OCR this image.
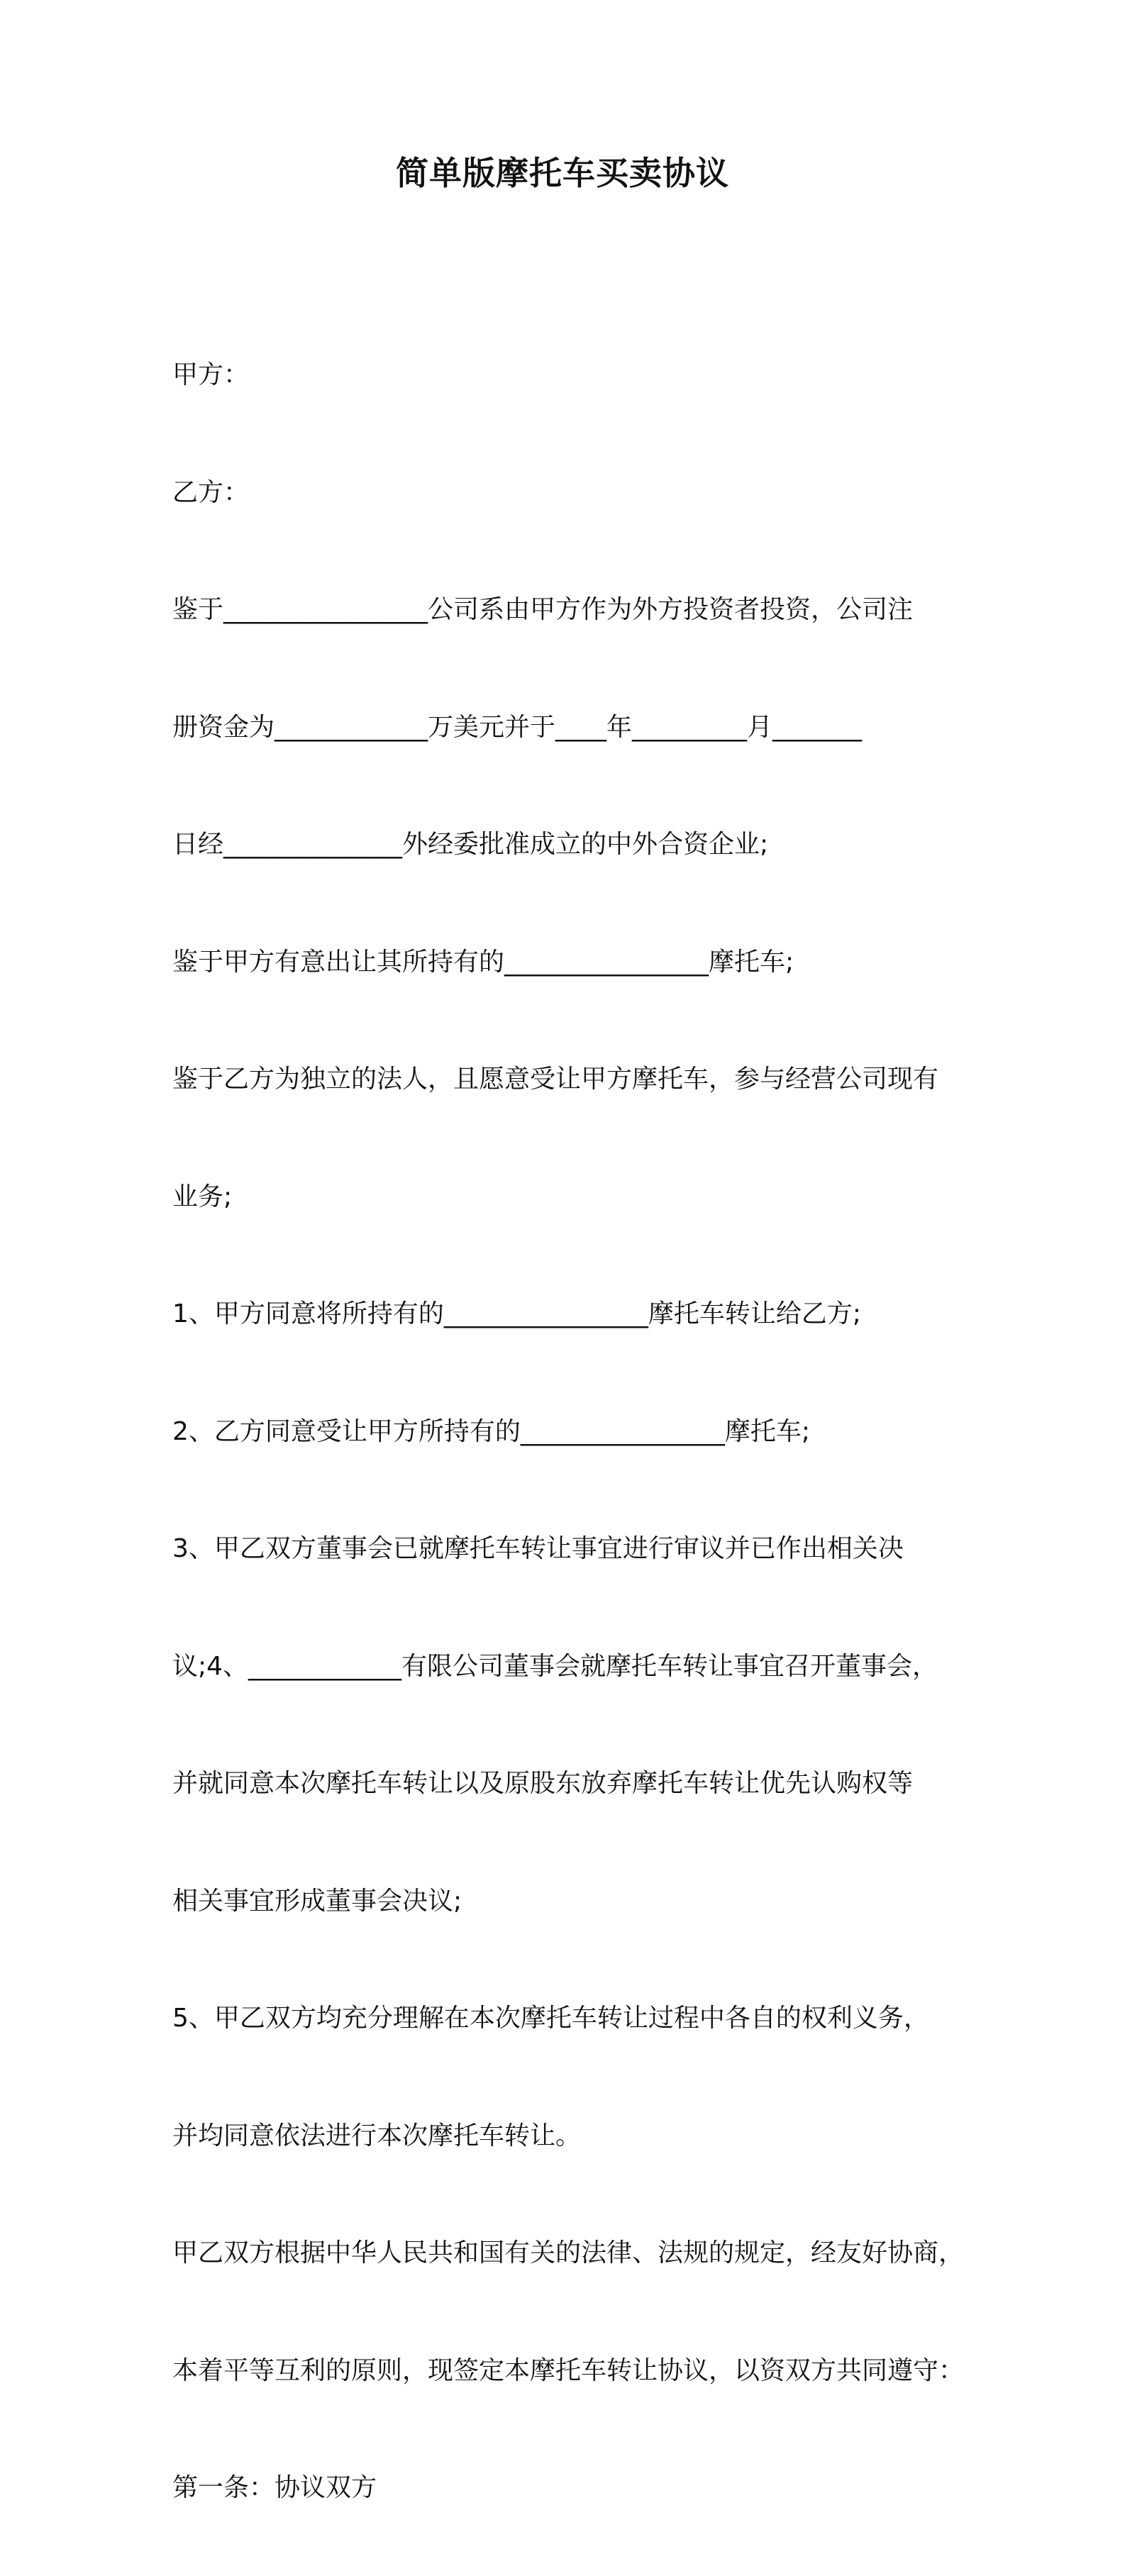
简单版摩托车买卖协议

甲方：

乙方：

鉴于________________公司系由甲方作为外方投资者投资，公司注

册资金为____________万美元并于____年_________月_______

日经______________外经委批准成立的中外合资企业;

鉴于甲方有意出让其所持有的________________摩托车;

鉴于乙方为独立的法人，且愿意受让甲方摩托车，参与经营公司现有

业务;

1、甲方同意将所持有的________________摩托车转让给乙方;

2、乙方同意受让甲方所持有的________________摩托车;

3、甲乙双方董事会已就摩托车转让事宜进行审议并已作出相关决

议;4、____________有限公司董事会就摩托车转让事宜召开董事会，

并就同意本次摩托车转让以及原股东放弃摩托车转让优先认购权等

相关事宜形成董事会决议;

5、甲乙双方均充分理解在本次摩托车转让过程中各自的权利义务，

并均同意依法进行本次摩托车转让。

甲乙双方根据中华人民共和国有关的法律、法规的规定，经友好协商，

本着平等互利的原则，现签定本摩托车转让协议，以资双方共同遵守：

第一条：协议双方
